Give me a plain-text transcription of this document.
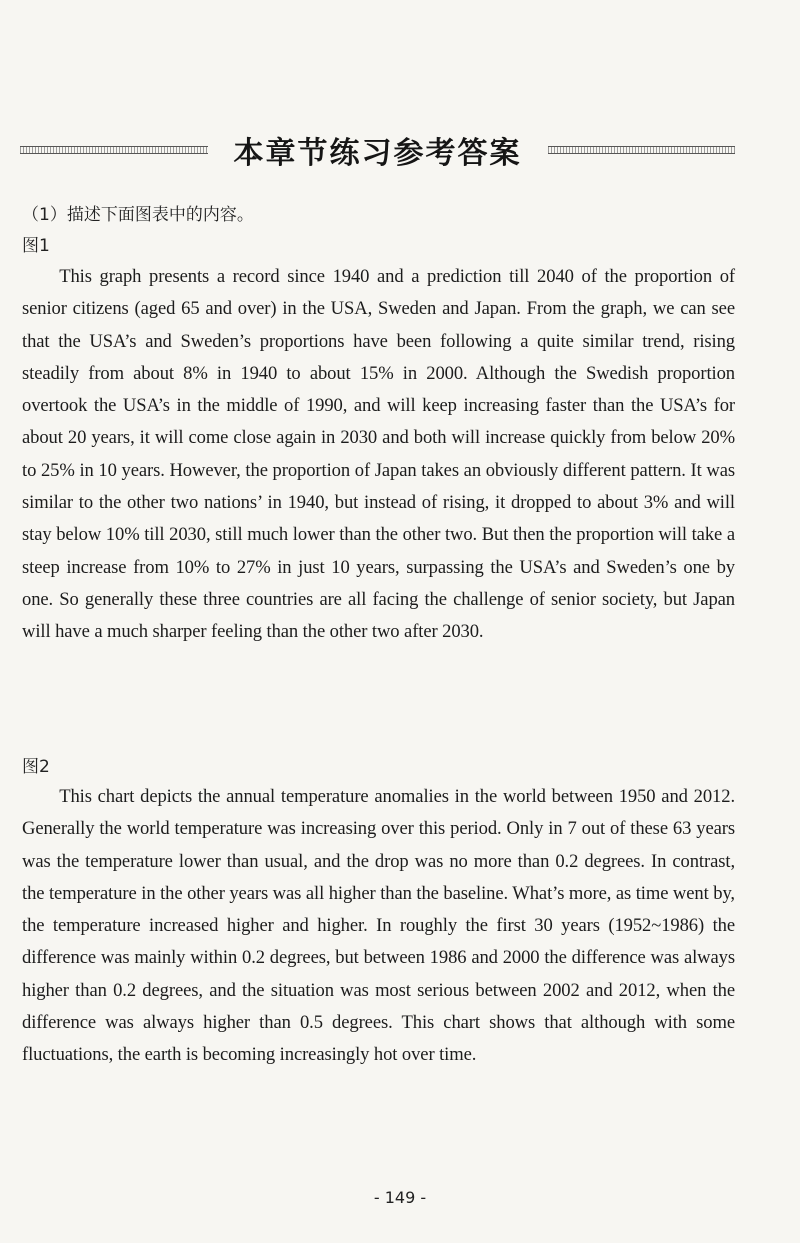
本章节练习参考答案
（1）描述下面图表中的内容。
图1

This graph presents a record since 1940 and a prediction till 2040 of the proportion of senior citizens (aged 65 and over) in the USA, Sweden and Japan. From the graph, we can see that the USA’s and Sweden’s proportions have been following a quite similar trend, rising steadily from about 8% in 1940 to about 15% in 2000. Although the Swedish proportion overtook the USA’s in the middle of 1990, and will keep increasing faster than the USA’s for about 20 years, it will come close again in 2030 and both will increase quickly from below 20% to 25% in 10 years. However, the proportion of Japan takes an obviously different pattern. It was similar to the other two nations’ in 1940, but instead of rising, it dropped to about 3% and will stay below 10% till 2030, still much lower than the other two. But then the proportion will take a steep increase from 10% to 27% in just 10 years, surpassing the USA’s and Sweden’s one by one. So generally these three countries are all facing the challenge of senior society, but Japan will have a much sharper feeling than the other two after 2030.

图2

This chart depicts the annual temperature anomalies in the world between 1950 and 2012. Generally the world temperature was increasing over this period. Only in 7 out of these 63 years was the temperature lower than usual, and the drop was no more than 0.2 degrees. In contrast, the temperature in the other years was all higher than the baseline. What’s more, as time went by, the temperature increased higher and higher. In roughly the first 30 years (1952~1986) the difference was mainly within 0.2 degrees, but between 1986 and 2000 the difference was always higher than 0.2 degrees, and the situation was most serious between 2002 and 2012, when the difference was always higher than 0.5 degrees. This chart shows that although with some fluctuations, the earth is becoming increasingly hot over time.

- 149 -
